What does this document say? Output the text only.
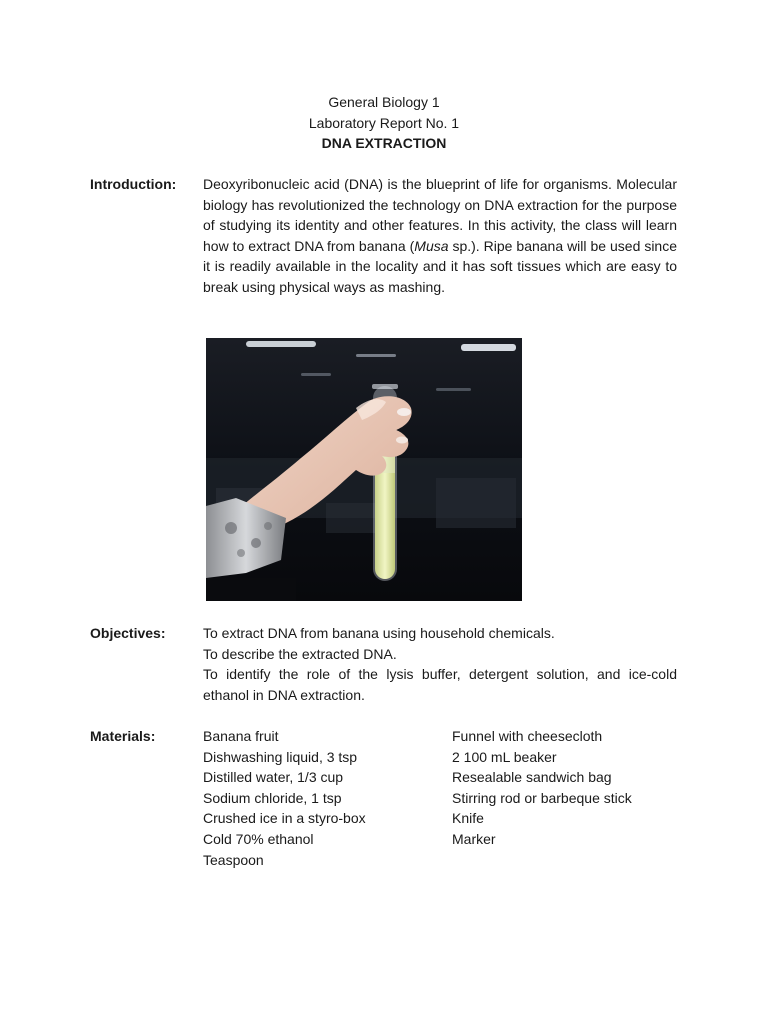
General Biology 1
Laboratory Report No. 1
DNA EXTRACTION
Introduction:	Deoxyribonucleic acid (DNA) is the blueprint of life for organisms. Molecular biology has revolutionized the technology on DNA extraction for the purpose of studying its identity and other features. In this activity, the class will learn how to extract DNA from banana (Musa sp.). Ripe banana will be used since it is readily available in the locality and it has soft tissues which are easy to break using physical ways as mashing.
Objectives:	To extract DNA from banana using household chemicals.
To describe the extracted DNA.
To identify the role of the lysis buffer, detergent solution, and ice-cold ethanol in DNA extraction.
Materials:	Banana fruit
Dishwashing liquid, 3 tsp
Distilled water, 1/3 cup
Sodium chloride, 1 tsp
Crushed ice in a styro-box
Cold 70% ethanol
Teaspoon
Funnel with cheesecloth
2 100 mL beaker
Resealable sandwich bag
Stirring rod or barbeque stick
Knife
Marker
